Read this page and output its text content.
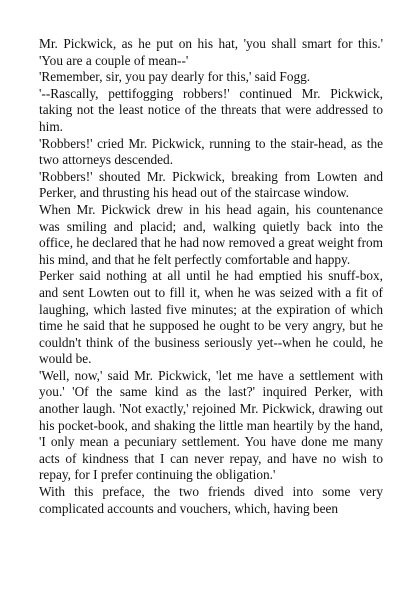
Mr. Pickwick, as he put on his hat, 'you shall smart for this.' 'You are a couple of mean--'

'Remember, sir, you pay dearly for this,' said Fogg.

'--Rascally, pettifogging robbers!' continued Mr. Pickwick, taking not the least notice of the threats that were addressed to him.

'Robbers!' cried Mr. Pickwick, running to the stair-head, as the two attorneys descended.

'Robbers!' shouted Mr. Pickwick, breaking from Lowten and Perker, and thrusting his head out of the staircase window.

When Mr. Pickwick drew in his head again, his countenance was smiling and placid; and, walking quietly back into the office, he declared that he had now removed a great weight from his mind, and that he felt perfectly comfortable and happy.

Perker said nothing at all until he had emptied his snuff-box, and sent Lowten out to fill it, when he was seized with a fit of laughing, which lasted five minutes; at the expiration of which time he said that he supposed he ought to be very angry, but he couldn't think of the business seriously yet--when he could, he would be.

'Well, now,' said Mr. Pickwick, 'let me have a settlement with you.' 'Of the same kind as the last?' inquired Perker, with another laugh. 'Not exactly,' rejoined Mr. Pickwick, drawing out his pocket-book, and shaking the little man heartily by the hand, 'I only mean a pecuniary settlement. You have done me many acts of kindness that I can never repay, and have no wish to repay, for I prefer continuing the obligation.'

With this preface, the two friends dived into some very complicated accounts and vouchers, which, having been
